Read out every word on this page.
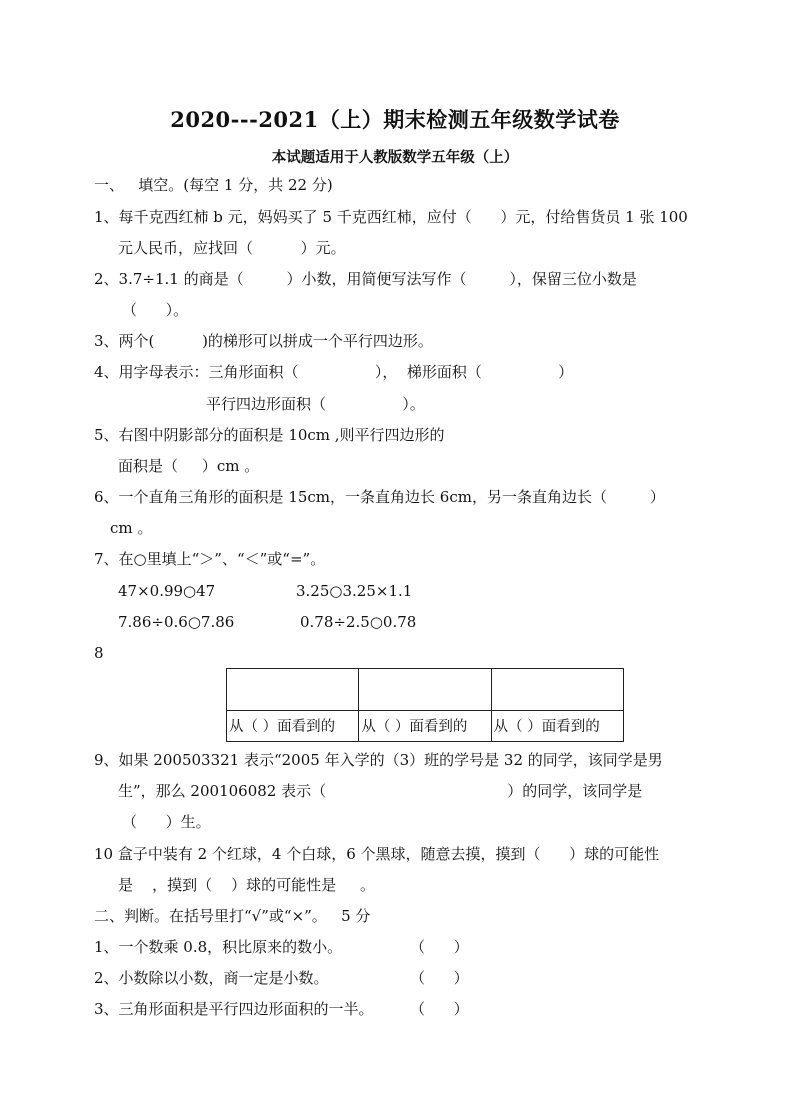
2020---2021（上）期末检测五年级数学试卷
本试题适用于人教版数学五年级（上）
一、   填空。(每空 1 分，共 22 分)
1、每千克西红柿 b 元，妈妈买了 5 千克西红柿，应付（      ）元，付给售货员 1 张 100
元人民币，应找回（          ）元。
2、3.7÷1.1 的商是（         ）小数，用简便写法写作（         ），保留三位小数是
（      ）。
3、两个(          )的梯形可以拼成一个平行四边形。
4、用字母表示：三角形面积（                ），  梯形面积（                ）
平行四边形面积（                ）。
5、右图中阴影部分的面积是 10cm ,则平行四边形的
面积是（     ）cm 。
6、一个直角三角形的面积是 15cm，一条直角边长 6cm，另一条直角边长（         ）
cm 。
7、在○里填上“＞”、“＜”或“=”。
47×0.99○47	3.25○3.25×1.1
7.86÷0.6○7.86	0.78÷2.5○0.78
8

从（ ）面看到的	从（ ）面看到的	从（ ）面看到的
9、如果 200503321 表示“2005 年入学的（3）班的学号是 32 的同学，该同学是男
生”，那么 200106082 表示（                                      ）的同学，该同学是
（      ）生。
10 盒子中装有 2 个红球，4 个白球，6 个黑球，随意去摸，摸到（      ）球的可能性
是    ，摸到（    ）球的可能性是     。
二、判断。在括号里打“√”或“×”。   5 分
1、一个数乘 0.8，积比原来的数小。	（      ）
2、小数除以小数，商一定是小数。	（      ）
3、三角形面积是平行四边形面积的一半。 （      ）
